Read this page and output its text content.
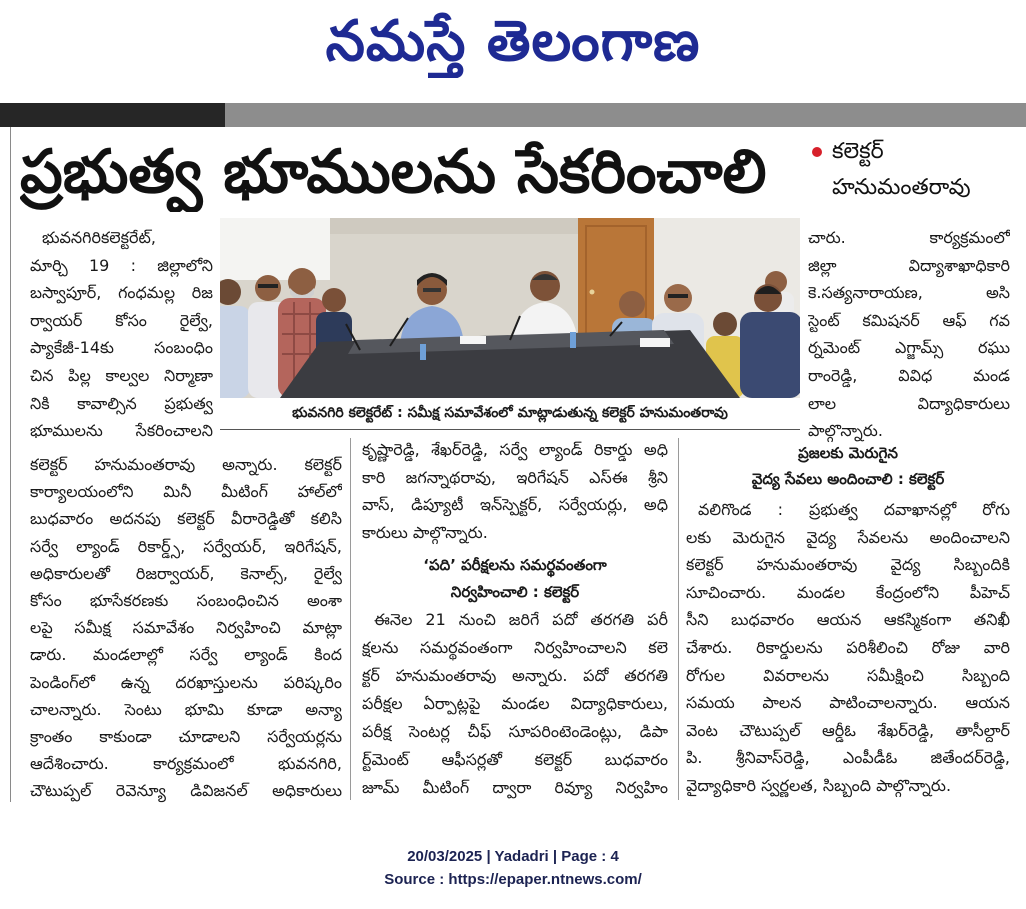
నమస్తే తెలంగాణ
ప్రభుత్వ భూములను సేకరించాలి	కలెక్టర్
హనుమంతరావు
భువనగిరి కలెక్టరేట్ : సమీక్ష సమావేశంలో మాట్లాడుతున్న కలెక్టర్ హనుమంతరావు
భువనగిరికలెక్టరేట్,
మార్చి 19 : జిల్లాలోని
బస్వాపూర్, గంధమల్ల రిజ
ర్వాయర్ కోసం రైల్వే,
ప్యాకేజీ-14కు సంబంధిం
చిన పిల్ల కాల్వల నిర్మాణా
నికి కావాల్సిన ప్రభుత్వ
భూములను సేకరించాలని
కలెక్టర్ హనుమంతరావు అన్నారు. కలెక్టర్
కార్యాలయంలోని మినీ మీటింగ్ హాల్‌లో
బుధవారం అదనపు కలెక్టర్ వీరారెడ్డితో కలిసి
సర్వే ల్యాండ్ రికార్డ్స్, సర్వేయర్, ఇరిగేషన్,
అధికారులతో రిజర్వాయర్, కెనాల్స్, రైల్వే
కోసం భూసేకరణకు సంబంధించిన అంశా
లపై సమీక్ష సమావేశం నిర్వహించి మాట్లా
డారు. మండలాల్లో సర్వే ల్యాండ్ కింద
పెండింగ్‌లో ఉన్న దరఖాస్తులను పరిష్కరిం
చాలన్నారు. సెంటు భూమి కూడా అన్యా
క్రాంతం కాకుండా చూడాలని సర్వేయర్లను
ఆదేశించారు. కార్యక్రమంలో భువనగిరి,
చౌటుప్పల్ రెవెన్యూ డివిజనల్ అధికారులు
కృష్ణారెడ్డి, శేఖర్‌రెడ్డి, సర్వే ల్యాండ్ రికార్డు అధి
కారి జగన్నాథరావు, ఇరిగేషన్ ఎస్‌ఈ శ్రీని
వాస్, డిప్యూటీ ఇన్‌స్పెక్టర్, సర్వేయర్లు, అధి
కారులు పాల్గొన్నారు.
‘పది’ పరీక్షలను సమర్థవంతంగా
నిర్వహించాలి : కలెక్టర్
ఈనెల 21 నుంచి జరిగే పదో తరగతి పరీ
క్షలను సమర్థవంతంగా నిర్వహించాలని కలె
క్టర్ హనుమంతరావు అన్నారు. పదో తరగతి
పరీక్షల ఏర్పాట్లపై మండల విద్యాధికారులు,
పరీక్ష సెంటర్ల చీఫ్ సూపరింటెండెంట్లు, డిపా
ర్ట్‌మెంట్ ఆఫీసర్లతో కలెక్టర్ బుధవారం
జూమ్ మీటింగ్ ద్వారా రివ్యూ నిర్వహిం
చారు. కార్యక్రమంలో
జిల్లా విద్యాశాఖాధికారి
కె.సత్యనారాయణ, అసి
స్టెంట్ కమిషనర్ ఆఫ్ గవ
ర్నమెంట్ ఎగ్జామ్స్ రఘు
రాంరెడ్డి, వివిధ మండ
లాల విద్యాధికారులు
పాల్గొన్నారు.
ప్రజలకు మెరుగైన
వైద్య సేవలు అందించాలి : కలెక్టర్
వలిగొండ : ప్రభుత్వ దవాఖానల్లో రోగు
లకు మెరుగైన వైద్య సేవలను అందించాలని
కలెక్టర్ హనుమంతరావు వైద్య సిబ్బందికి
సూచించారు. మండల కేంద్రంలోని పీహెచ్
సీని బుధవారం ఆయన ఆకస్మికంగా తనిఖీ
చేశారు. రికార్డులను పరిశీలించి రోజు వారి
రోగుల వివరాలను సమీక్షించి సిబ్బంది
సమయ పాలన పాటించాలన్నారు. ఆయన
వెంట చౌటుప్పల్ ఆర్డీఓ శేఖర్‌రెడ్డి, తాసీల్దార్
పి. శ్రీనివాస్‌రెడ్డి, ఎంపీడీఓ జితేందర్‌రెడ్డి,
వైద్యాధికారి స్వర్ణలత, సిబ్బంది పాల్గొన్నారు.
20/03/2025 | Yadadri | Page : 4
Source : https://epaper.ntnews.com/
